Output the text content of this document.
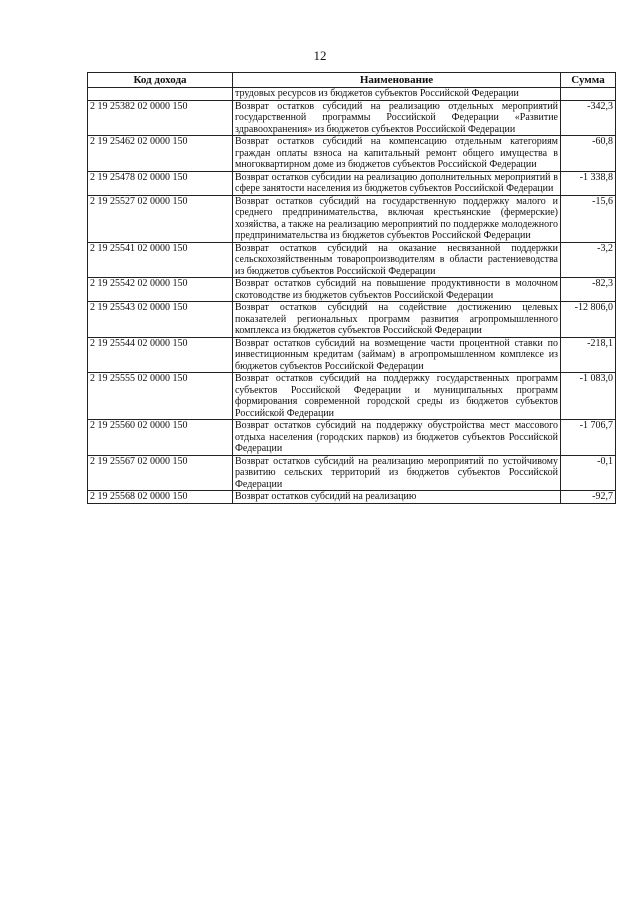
12
Код дохода	Наименование	Сумма
	трудовых ресурсов из бюджетов субъектов Российской Федерации	
2 19 25382 02 0000 150	Возврат остатков субсидий на реализацию отдельных мероприятий государственной программы Российской Федерации «Развитие здравоохранения» из бюджетов субъектов Российской Федерации	-342,3
2 19 25462 02 0000 150	Возврат остатков субсидий на компенсацию отдельным категориям граждан оплаты взноса на капитальный ремонт общего имущества в многоквартирном доме из бюджетов субъектов Российской Федерации	-60,8
2 19 25478 02 0000 150	Возврат остатков субсидии на реализацию дополнительных мероприятий в сфере занятости населения из бюджетов субъектов Российской Федерации	-1 338,8
2 19 25527 02 0000 150	Возврат остатков субсидий на государственную поддержку малого и среднего предпринимательства, включая крестьянские (фермерские) хозяйства, а также на реализацию мероприятий по поддержке молодежного предпринимательства из бюджетов субъектов Российской Федерации	-15,6
2 19 25541 02 0000 150	Возврат остатков субсидий на оказание несвязанной поддержки сельскохозяйственным товаропроизводителям в области растениеводства из бюджетов субъектов Российской Федерации	-3,2
2 19 25542 02 0000 150	Возврат остатков субсидий на повышение продуктивности в молочном скотоводстве из бюджетов субъектов Российской Федерации	-82,3
2 19 25543 02 0000 150	Возврат остатков субсидий на содействие достижению целевых показателей региональных программ развития агропромышленного комплекса из бюджетов субъектов Российской Федерации	-12 806,0
2 19 25544 02 0000 150	Возврат остатков субсидий на возмещение части процентной ставки по инвестиционным кредитам (займам) в агропромышленном комплексе из бюджетов субъектов Российской Федерации	-218,1
2 19 25555 02 0000 150	Возврат остатков субсидий на поддержку государственных программ субъектов Российской Федерации и муниципальных программ формирования современной городской среды из бюджетов субъектов Российской Федерации	-1 083,0
2 19 25560 02 0000 150	Возврат остатков субсидий на поддержку обустройства мест массового отдыха населения (городских парков) из бюджетов субъектов Российской Федерации	-1 706,7
2 19 25567 02 0000 150	Возврат остатков субсидий на реализацию мероприятий по устойчивому развитию сельских территорий из бюджетов субъектов Российской Федерации	-0,1
2 19 25568 02 0000 150	Возврат остатков субсидий на реализацию	-92,7
